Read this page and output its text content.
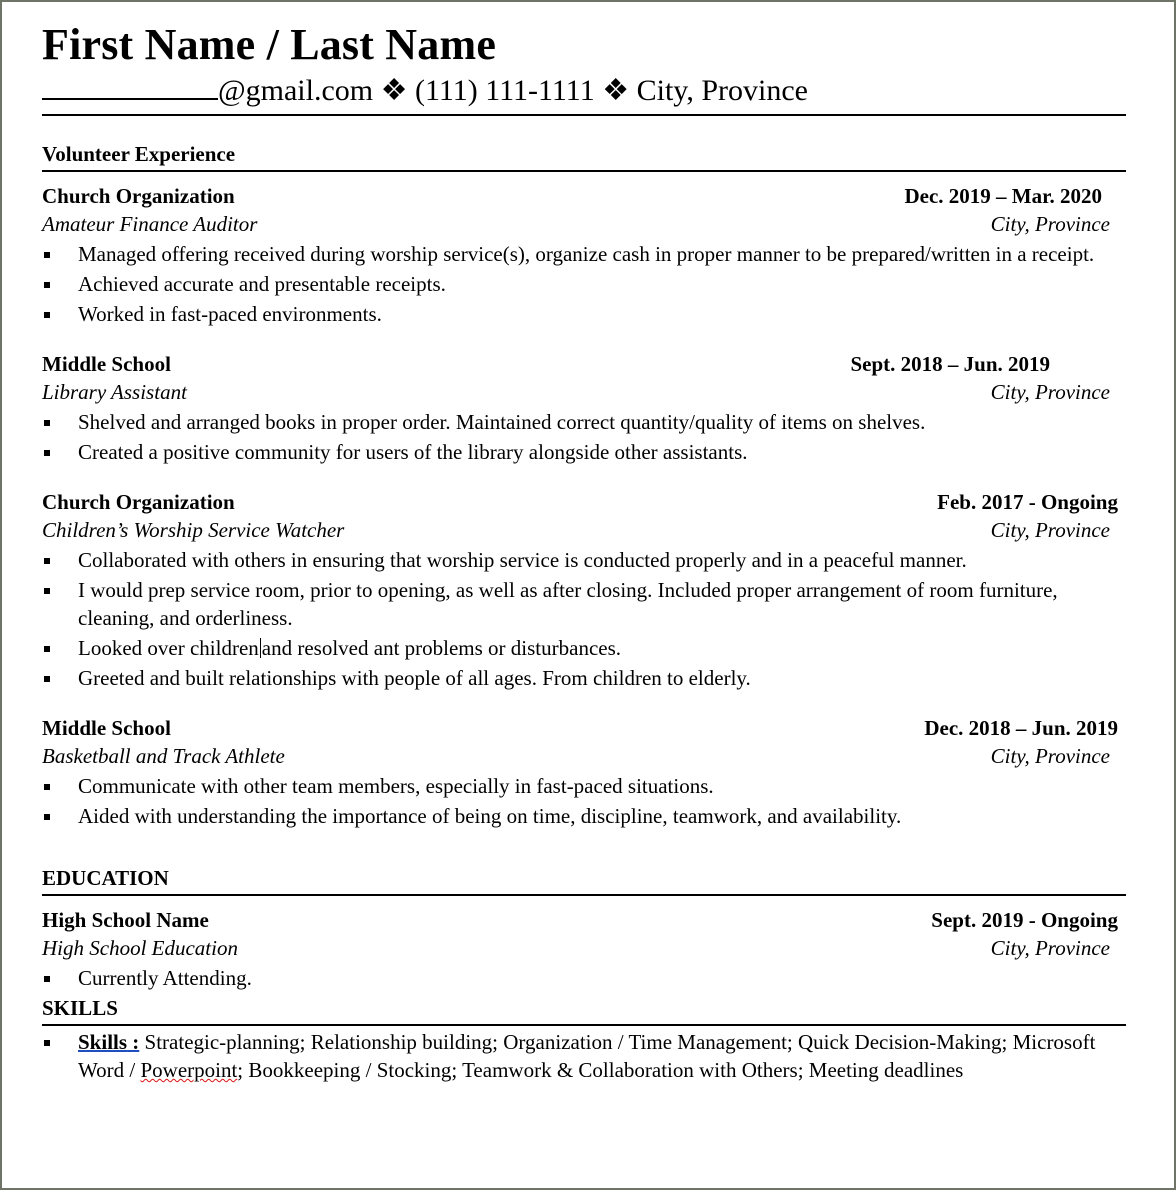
First Name / Last Name
@gmail.com ❖ (111) 111-1111 ❖ City, Province
Volunteer Experience
Church Organization	Dec. 2019 – Mar. 2020
Amateur Finance Auditor	City, Province
Managed offering received during worship service(s), organize cash in proper manner to be prepared/written in a receipt.
Achieved accurate and presentable receipts.
Worked in fast-paced environments.
Middle School	Sept. 2018 – Jun. 2019
Library Assistant	City, Province
Shelved and arranged books in proper order. Maintained correct quantity/quality of items on shelves.
Created a positive community for users of the library alongside other assistants.
Church Organization	Feb. 2017 - Ongoing
Children’s Worship Service Watcher	City, Province
Collaborated with others in ensuring that worship service is conducted properly and in a peaceful manner.
I would prep service room, prior to opening, as well as after closing. Included proper arrangement of room furniture, cleaning, and orderliness.
Looked over children and resolved ant problems or disturbances.
Greeted and built relationships with people of all ages. From children to elderly.
Middle School	Dec. 2018 – Jun. 2019
Basketball and Track Athlete	City, Province
Communicate with other team members, especially in fast-paced situations.
Aided with understanding the importance of being on time, discipline, teamwork, and availability.
EDUCATION
High School Name	Sept. 2019 - Ongoing
High School Education	City, Province
Currently Attending.
SKILLS
Skills : Strategic-planning; Relationship building; Organization / Time Management; Quick Decision-Making; Microsoft Word / Powerpoint; Bookkeeping / Stocking; Teamwork & Collaboration with Others; Meeting deadlines
